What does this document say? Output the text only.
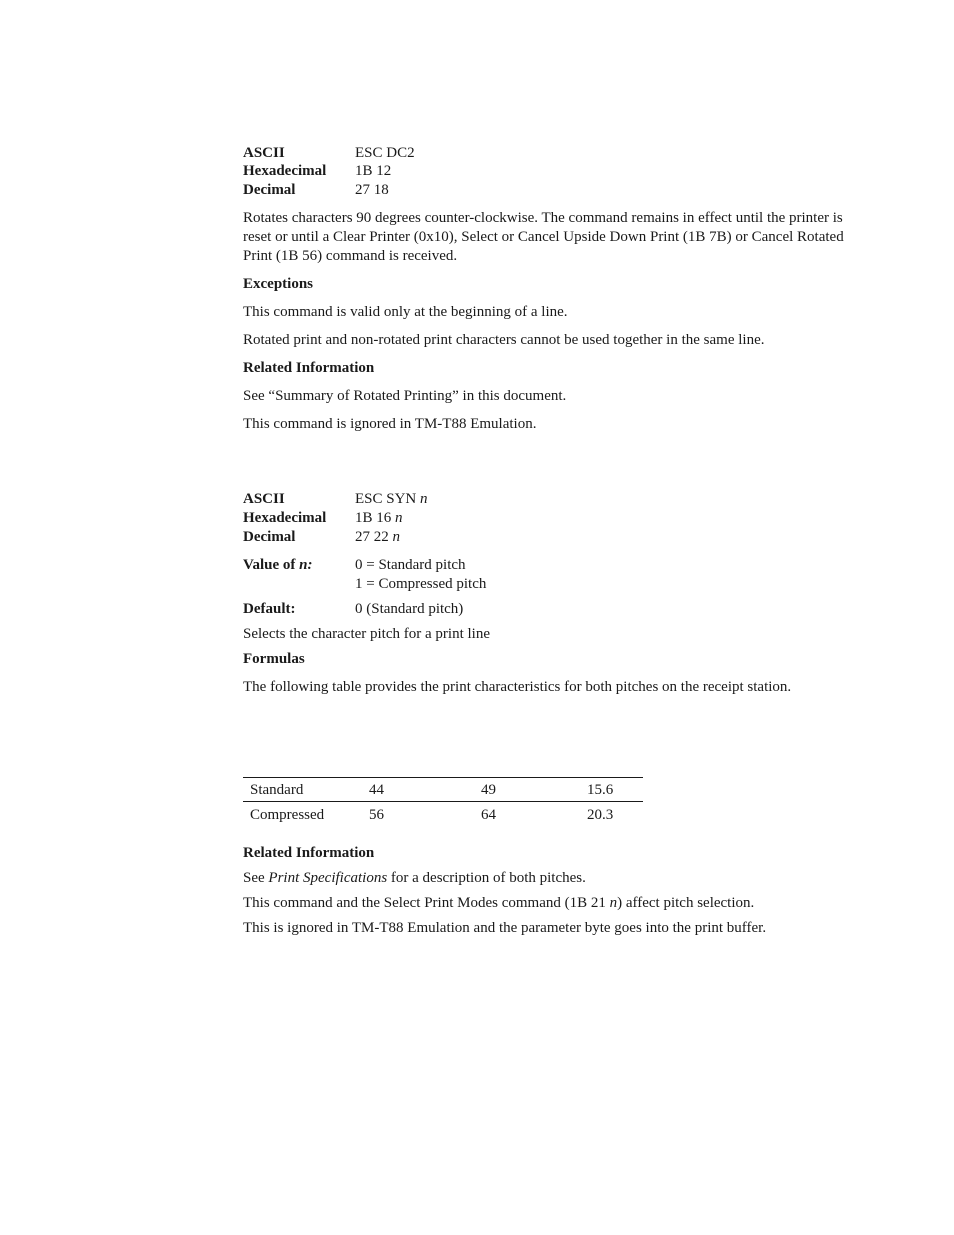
ASCII	ESC DC2
Hexadecimal 1B 12
Decimal	27 18
Rotates characters 90 degrees counter-clockwise. The command remains in effect until the printer is reset or until a Clear Printer (0x10), Select or Cancel Upside Down Print (1B 7B) or Cancel Rotated Print (1B 56) command is received.
Exceptions
This command is valid only at the beginning of a line.
Rotated print and non-rotated print characters cannot be used together in the same line.
Related Information
See “Summary of Rotated Printing” in this document.
This command is ignored in TM-T88 Emulation.
ASCII	ESC SYN n
Hexadecimal 1B 16 n
Decimal	27 22 n
Value of n:	0 = Standard pitch
1 = Compressed pitch
Default:	0 (Standard pitch)
Selects the character pitch for a print line
Formulas
The following table provides the print characteristics for both pitches on the receipt station.
Standard	44	49	15.6
Compressed	56	64	20.3
Related Information
See Print Specifications for a description of both pitches.
This command and the Select Print Modes command (1B 21 n) affect pitch selection.
This is ignored in TM-T88 Emulation and the parameter byte goes into the print buffer.
